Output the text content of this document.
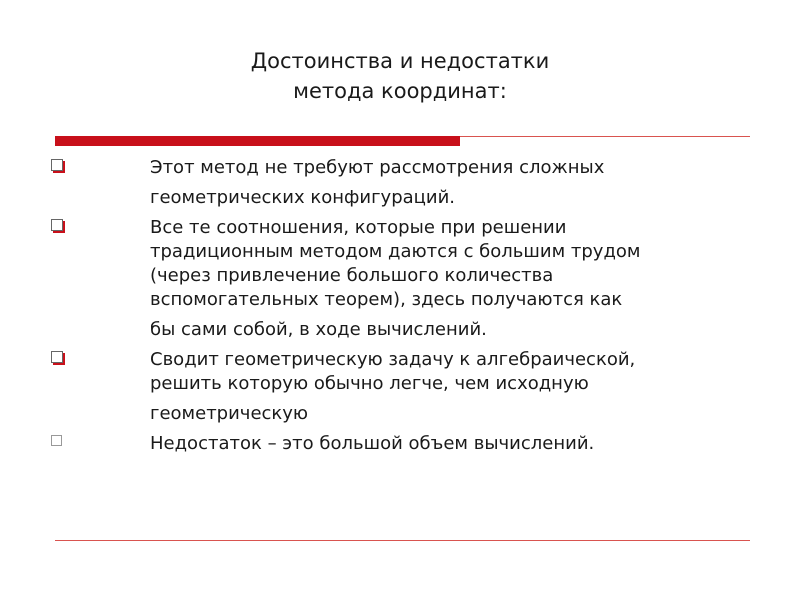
Достоинства и недостатки
метода координат:
Этот метод не требуют рассмотрения сложных
геометрических конфигураций.
Все те соотношения, которые при решении
традиционным методом даются с большим трудом
(через привлечение большого количества
вспомогательных теорем), здесь получаются как
бы сами собой, в ходе вычислений.
Сводит геометрическую задачу к алгебраической,
решить которую обычно легче, чем исходную
геометрическую
Недостаток – это большой объем вычислений.
